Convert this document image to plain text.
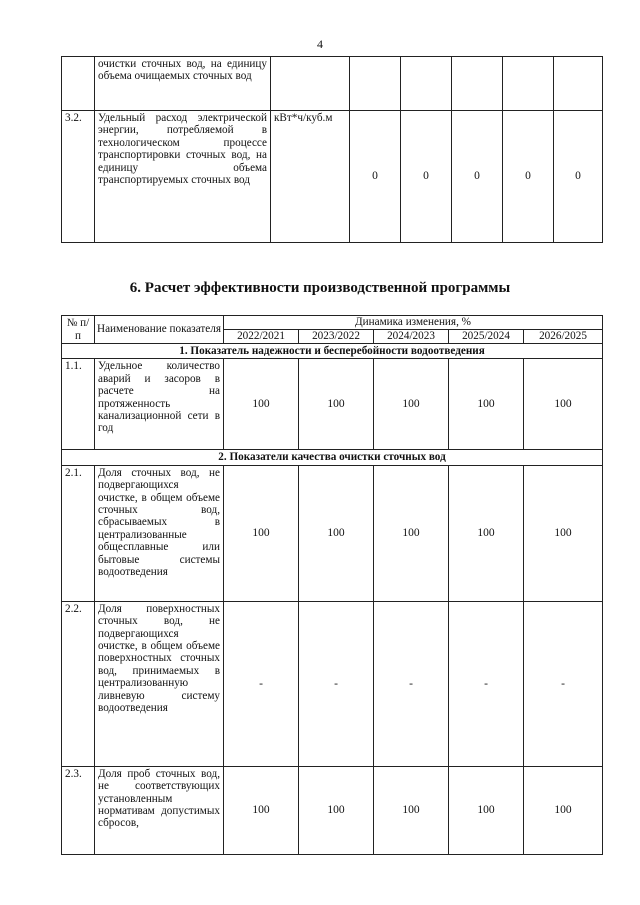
4
	очистки сточных вод, на единицу объема очищаемых сточных вод						
3.2.	Удельный расход электрической энергии, потребляемой в технологическом процессе транспортировки сточных вод, на единицу объема транспортируемых сточных вод	кВт*ч/куб.м	0	0	0	0	0
6. Расчет эффективности производственной программы
№ п/п	Наименование показателя	Динамика изменения, %				
		2022/2021	2023/2022	2024/2023	2025/2024	2026/2025
1. Показатель надежности и бесперебойности водоотведения						
1.1.	Удельное количество аварий и засоров в расчете на протяженность канализационной сети в год	100	100	100	100	100
2. Показатели качества очистки сточных вод						
2.1.	Доля сточных вод, не подвергающихся очистке, в общем объеме сточных вод, сбрасываемых в централизованные общесплавные или бытовые системы водоотведения	100	100	100	100	100
2.2.	Доля поверхностных сточных вод, не подвергающихся очистке, в общем объеме поверхностных сточных вод, принимаемых в централизованную ливневую систему водоотведения	-	-	-	-	-
2.3.	Доля проб сточных вод, не соответствующих установленным нормативам допустимых сбросов,	100	100	100	100	100
